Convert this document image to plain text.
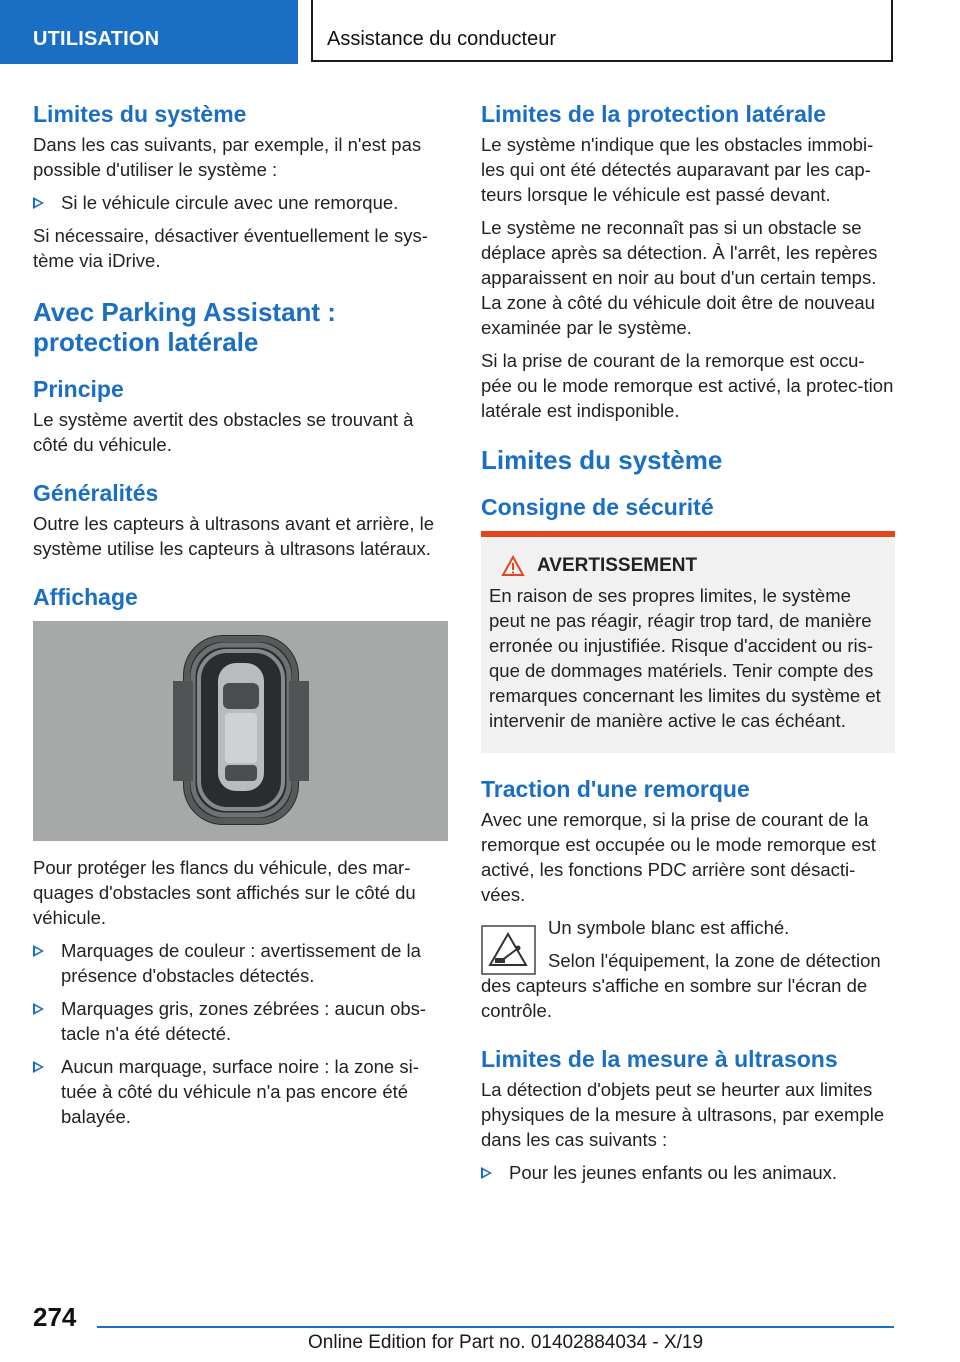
UTILISATION	Assistance du conducteur
Limites du système

Dans les cas suivants, par exemple, il n'est pas possible d'utiliser le système :

Si le véhicule circule avec une remorque.

Si nécessaire, désactiver éventuellement le sys-tème via iDrive.

Avec Parking Assistant : protection latérale
Principe

Le système avertit des obstacles se trouvant à côté du véhicule.

Généralités

Outre les capteurs à ultrasons avant et arrière, le système utilise les capteurs à ultrasons latéraux.

Affichage

Pour protéger les flancs du véhicule, des mar-quages d'obstacles sont affichés sur le côté du véhicule.

Marquages de couleur : avertissement de la présence d'obstacles détectés.
Marquages gris, zones zébrées : aucun obs-tacle n'a été détecté.
Aucun marquage, surface noire : la zone si-tuée à côté du véhicule n'a pas encore été balayée.
Limites de la protection latérale

Le système n'indique que les obstacles immobi-les qui ont été détectés auparavant par les cap-teurs lorsque le véhicule est passé devant.

Le système ne reconnaît pas si un obstacle se déplace après sa détection. À l'arrêt, les repères apparaissent en noir au bout d'un certain temps. La zone à côté du véhicule doit être de nouveau examinée par le système.

Si la prise de courant de la remorque est occu-pée ou le mode remorque est activé, la protec-tion latérale est indisponible.

Limites du système
Consigne de sécurité
AVERTISSEMENT

En raison de ses propres limites, le système peut ne pas réagir, réagir trop tard, de manière erronée ou injustifiée. Risque d'accident ou ris-que de dommages matériels. Tenir compte des remarques concernant les limites du système et intervenir de manière active le cas échéant.

Traction d'une remorque

Avec une remorque, si la prise de courant de la remorque est occupée ou le mode remorque est activé, les fonctions PDC arrière sont désacti-vées.

Un symbole blanc est affiché.

Selon l'équipement, la zone de détection des capteurs s'affiche en sombre sur l'écran de contrôle.

Limites de la mesure à ultrasons

La détection d'objets peut se heurter aux limites physiques de la mesure à ultrasons, par exemple dans les cas suivants :

Pour les jeunes enfants ou les animaux.
274
Online Edition for Part no. 01402884034 - X/19
